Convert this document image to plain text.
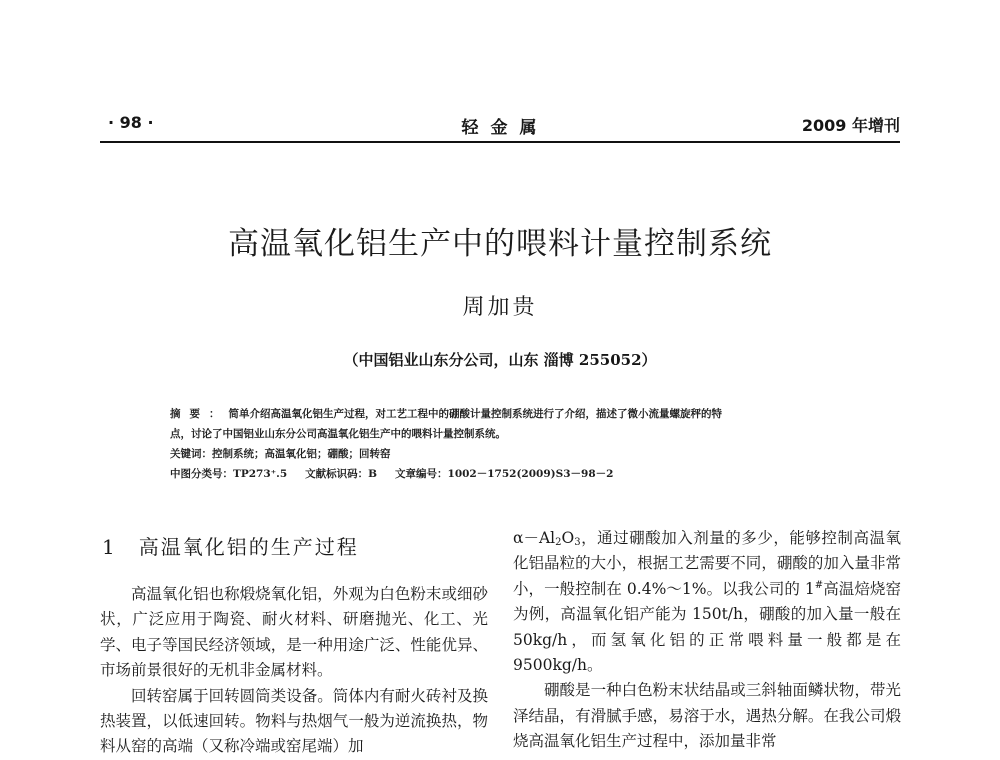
· 98 ·	轻金属	2009 年增刊
高温氧化铝生产中的喂料计量控制系统
周加贵
（中国铝业山东分公司，山东 淄博 255052）
摘要：简单介绍高温氧化铝生产过程，对工艺工程中的硼酸计量控制系统进行了介绍，描述了微小流量螺旋秤的特
点，讨论了中国铝业山东分公司高温氧化铝生产中的喂料计量控制系统。
关键词：控制系统；高温氧化铝；硼酸；回转窑
中图分类号：TP273⁺.5 文献标识码：B 文章编号：1002－1752(2009)S3－98－2
1 高温氧化铝的生产过程

高温氧化铝也称煅烧氧化铝，外观为白色粉末或细砂状，广泛应用于陶瓷、耐火材料、研磨抛光、化工、光学、电子等国民经济领域，是一种用途广泛、性能优异、市场前景很好的无机非金属材料。

回转窑属于回转圆筒类设备。筒体内有耐火砖衬及换热装置，以低速回转。物料与热烟气一般为逆流换热，物料从窑的高端（又称冷端或窑尾端）加

$\alpha-Al_2O_3$，通过硼酸加入剂量的多少，能够控制高温氧化铝晶粒的大小，根据工艺需要不同，硼酸的加入量非常小，一般控制在 0.4%～1%。以我公司的 1#高温焙烧窑为例，高温氧化铝产能为 150t/h，硼酸的加入量一般在 50kg/h，而氢氧化铝的正常喂料量一般都是在 9500kg/h。

硼酸是一种白色粉末状结晶或三斜轴面鳞状物，带光泽结晶，有滑腻手感，易溶于水，遇热分解。在我公司煅烧高温氧化铝生产过程中，添加量非常
